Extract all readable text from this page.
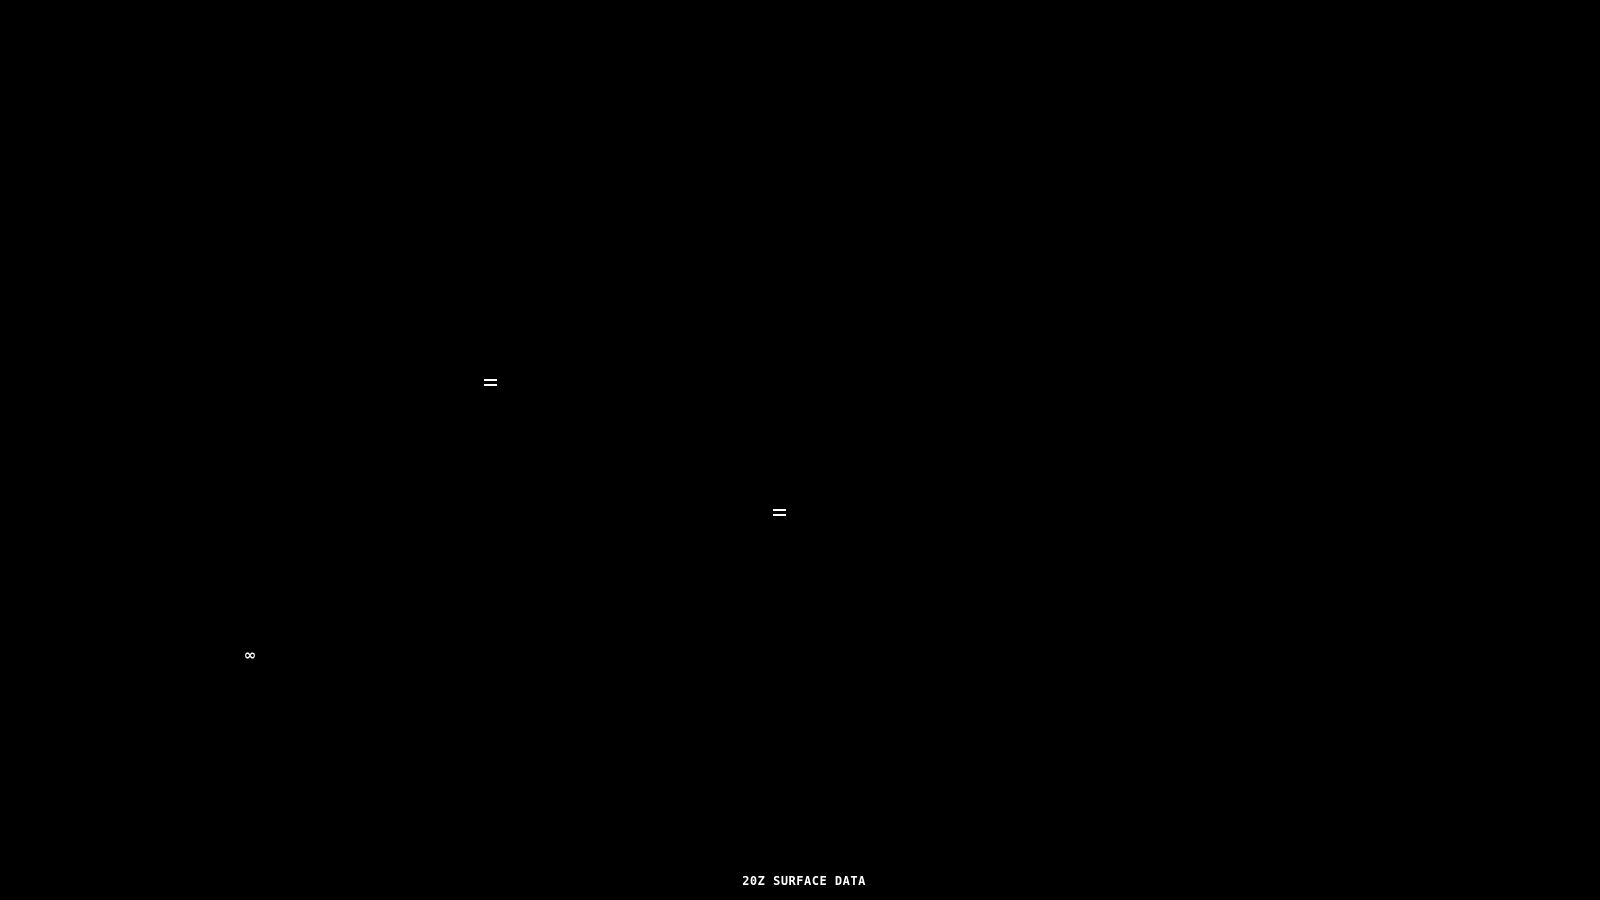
∞
20Z SURFACE DATA
